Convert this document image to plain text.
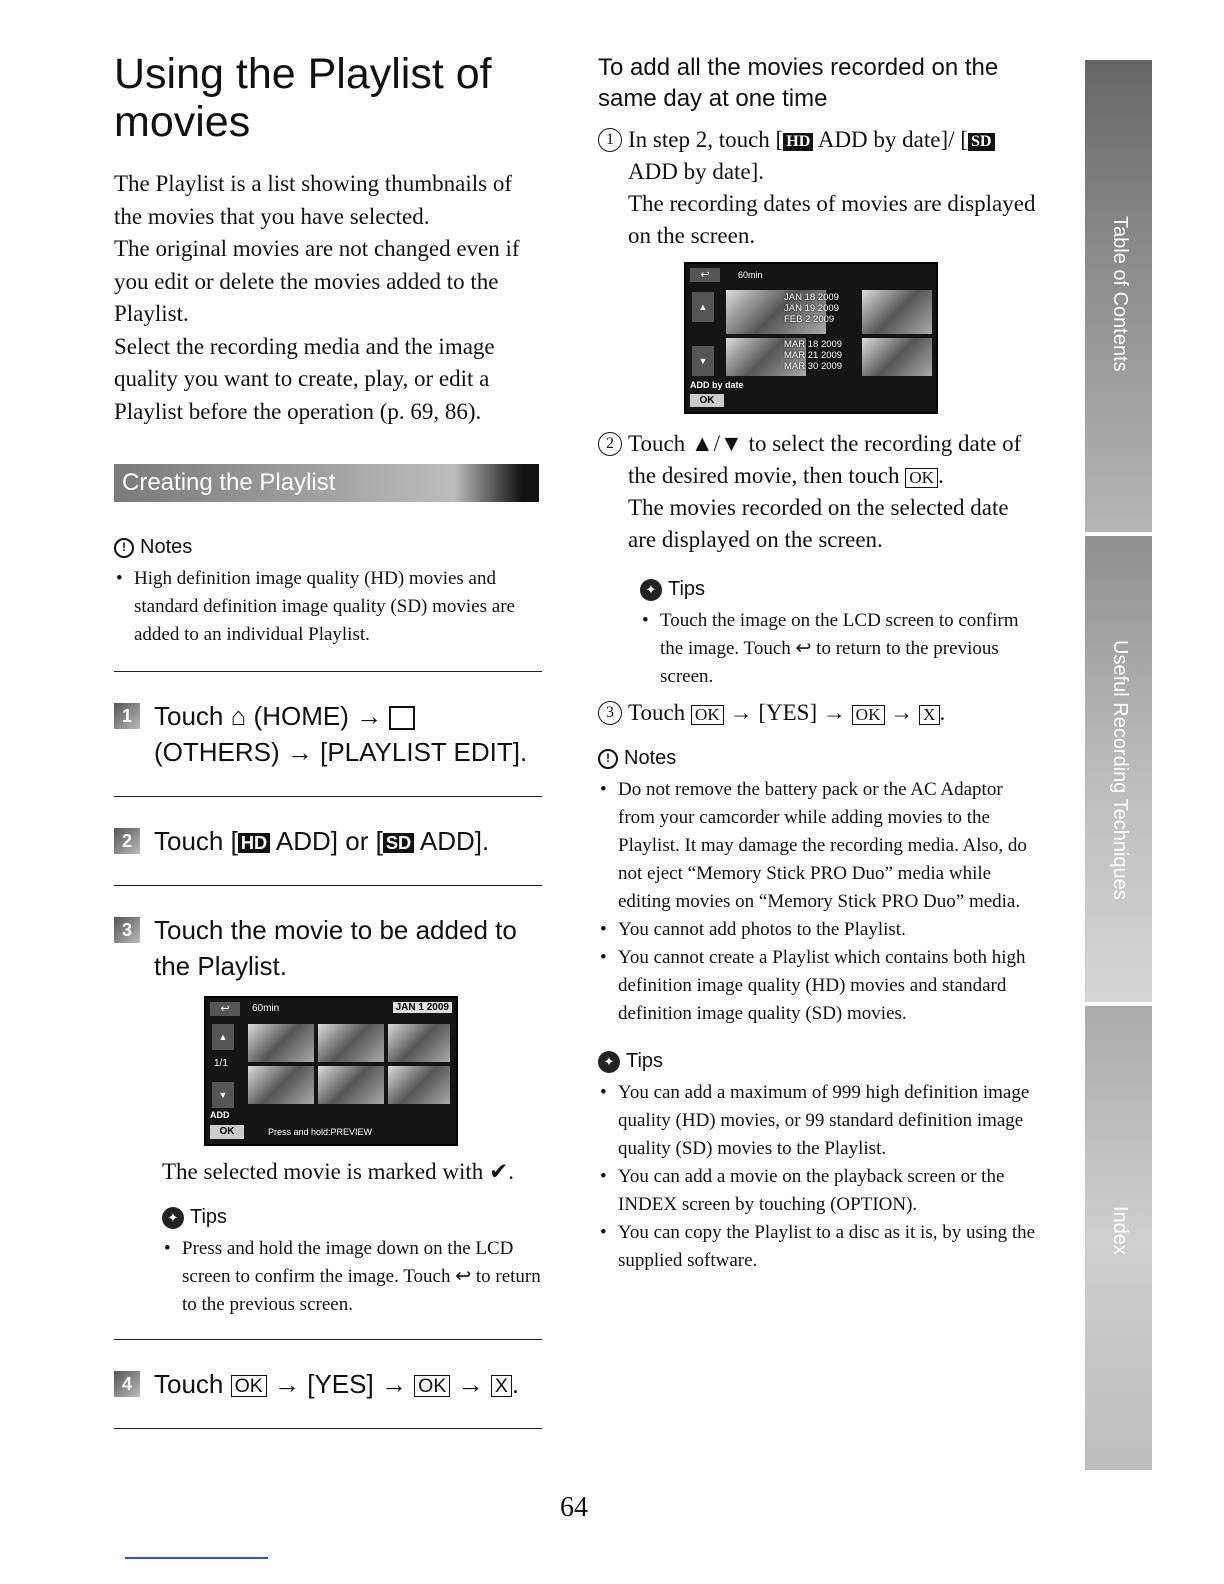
Using the Playlist of movies

The Playlist is a list showing thumbnails of the movies that you have selected.
The original movies are not changed even if you edit or delete the movies added to the Playlist.
Select the recording media and the image quality you want to create, play, or edit a Playlist before the operation (p. 69, 86).

Creating the Playlist
! Notes
• High definition image quality (HD) movies and standard definition image quality (SD) movies are added to an individual Playlist.
1 Touch ⌂ (HOME) →  (OTHERS) → [PLAYLIST EDIT].
2 Touch [ HD ADD] or [ SD ADD].
3 Touch the movie to be added to the Playlist.
↩	60min	JAN 1 2009
▲
1/1
▼
ADD
OK	Press and hold:PREVIEW
The selected movie is marked with ✔.
✦ Tips
• Press and hold the image down on the LCD screen to confirm the image. Touch ↩ to return to the previous screen.
4 Touch OK → [YES] → OK → X .
To add all the movies recorded on the same day at one time
1 In step 2, touch [ HD ADD by date]/ [ SD ADD by date].
The recording dates of movies are displayed on the screen.
↩	60min
▲
▼
JAN 18 2009
JAN 19 2009
FEB 2 2009
MAR 18 2009
MAR 21 2009
MAR 30 2009
ADD by date
OK
2 Touch ▲/▼ to select the recording date of the desired movie, then touch OK .
The movies recorded on the selected date are displayed on the screen.
✦ Tips
• Touch the image on the LCD screen to confirm the image. Touch ↩ to return to the previous screen.
3 Touch OK → [YES] → OK → X .
! Notes
• Do not remove the battery pack or the AC Adaptor from your camcorder while adding movies to the Playlist. It may damage the recording media. Also, do not eject “Memory Stick PRO Duo” media while editing movies on “Memory Stick PRO Duo” media.
• You cannot add photos to the Playlist.
• You cannot create a Playlist which contains both high definition image quality (HD) movies and standard definition image quality (SD) movies.
✦ Tips
• You can add a maximum of 999 high definition image quality (HD) movies, or 99 standard definition image quality (SD) movies to the Playlist.
• You can add a movie on the playback screen or the INDEX screen by touching (OPTION).
• You can copy the Playlist to a disc as it is, by using the supplied software.
Table of Contents
Useful Recording Techniques
Index
64
